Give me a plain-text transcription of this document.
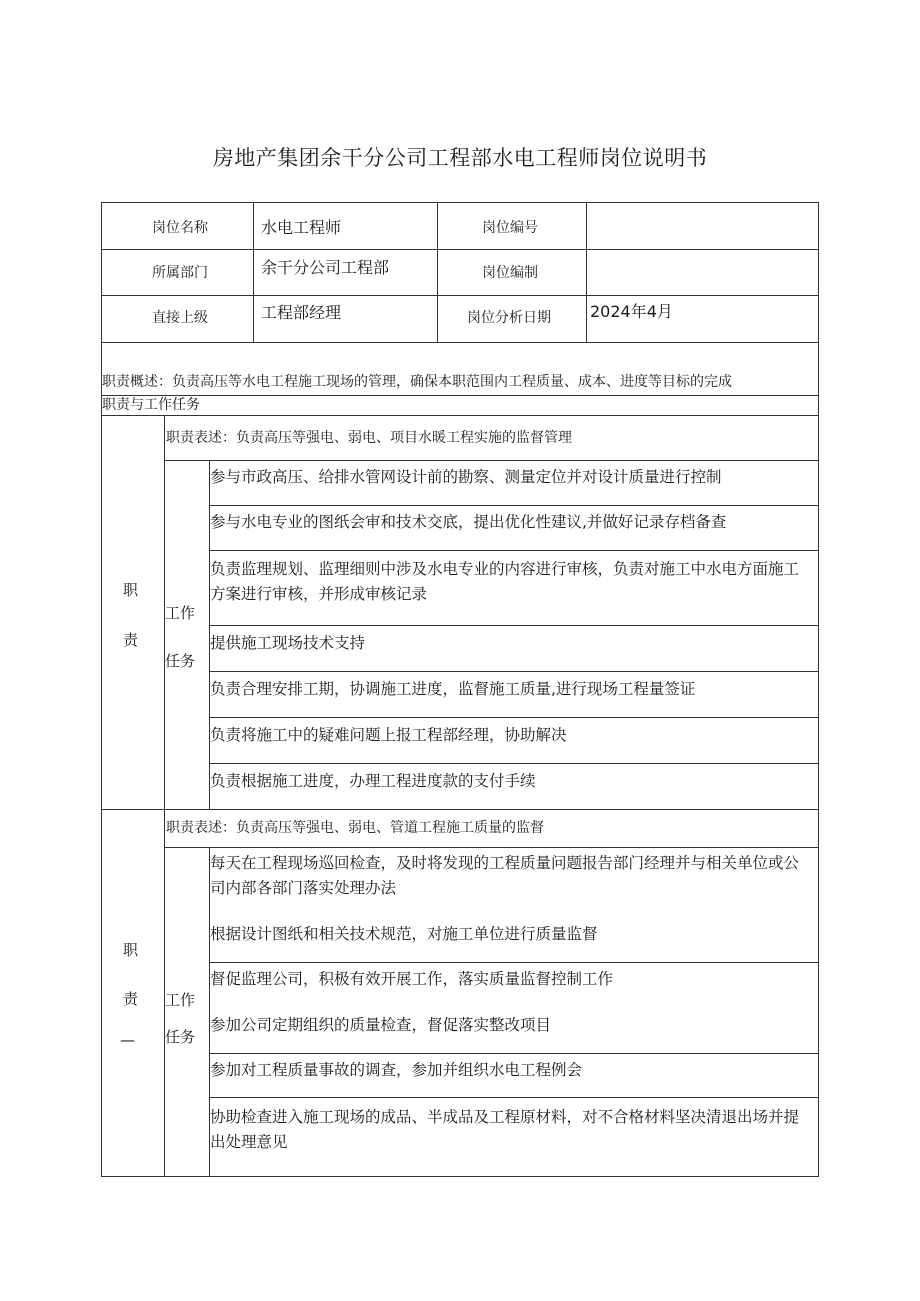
房地产集团余干分公司工程部水电工程师岗位说明书
岗位名称	水电工程师	岗位编号
所属部门	余干分公司工程部	岗位编制
直接上级	工程部经理	岗位分析日期 2024年4月
职责概述：负责高压等水电工程施工现场的管理，确保本职范围内工程质量、成本、进度等目标的完成
职责与工作任务
职
责
职责表述：负责高压等强电、弱电、项目水暖工程实施的监督管理
工作
任务
参与市政高压、给排水管网设计前的勘察、测量定位并对设计质量进行控制
参与水电专业的图纸会审和技术交底，提出优化性建议,并做好记录存档备查
负责监理规划、监理细则中涉及水电专业的内容进行审核，负责对施工中水电方面施工方案进行审核，并形成审核记录
提供施工现场技术支持
负责合理安排工期，协调施工进度，监督施工质量,进行现场工程量签证
负责将施工中的疑难问题上报工程部经理，协助解决
负责根据施工进度，办理工程进度款的支付手续
职
责
—
职责表述：负责高压等强电、弱电、管道工程施工质量的监督
工作
任务
每天在工程现场巡回检查，及时将发现的工程质量问题报告部门经理并与相关单位或公司内部各部门落实处理办法
根据设计图纸和相关技术规范，对施工单位进行质量监督
督促监理公司，积极有效开展工作，落实质量监督控制工作
参加公司定期组织的质量检查，督促落实整改项目
参加对工程质量事故的调查，参加并组织水电工程例会
协助检查进入施工现场的成品、半成品及工程原材料，对不合格材料坚决清退出场并提出处理意见
